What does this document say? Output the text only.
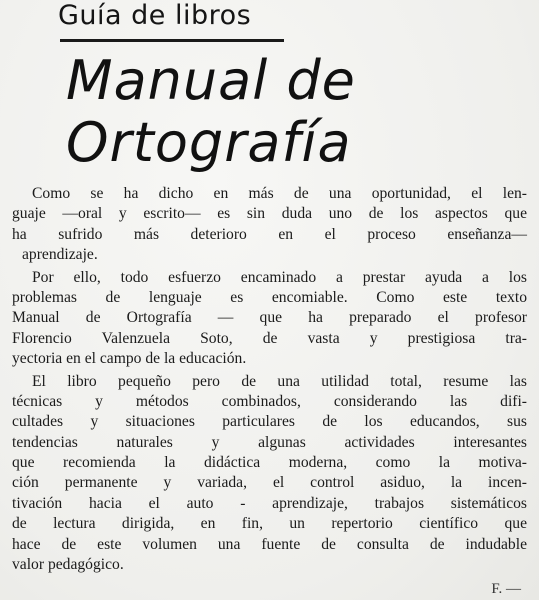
Guía de libros
Manual de
Ortografía

Como se ha dicho en más de una oportunidad, el len-
guaje —oral y escrito— es sin duda uno de los aspectos que
ha sufrido más deterioro en el proceso enseñanza—
aprendizaje.

Por ello, todo esfuerzo encaminado a prestar ayuda a los
problemas de lenguaje es encomiable. Como este texto
Manual de Ortografía — que ha preparado el profesor
Florencio Valenzuela Soto, de vasta y prestigiosa tra-
yectoria en el campo de la educación.

El libro pequeño pero de una utilidad total, resume las
técnicas y métodos combinados, considerando las difi-
cultades y situaciones particulares de los educandos, sus
tendencias naturales y algunas actividades interesantes
que recomienda la didáctica moderna, como la motiva-
ción permanente y variada, el control asiduo, la incen-
tivación hacia el auto - aprendizaje, trabajos sistemáticos
de lectura dirigida, en fin, un repertorio científico que
hace de este volumen una fuente de consulta de indudable
valor pedagógico.

F. —
